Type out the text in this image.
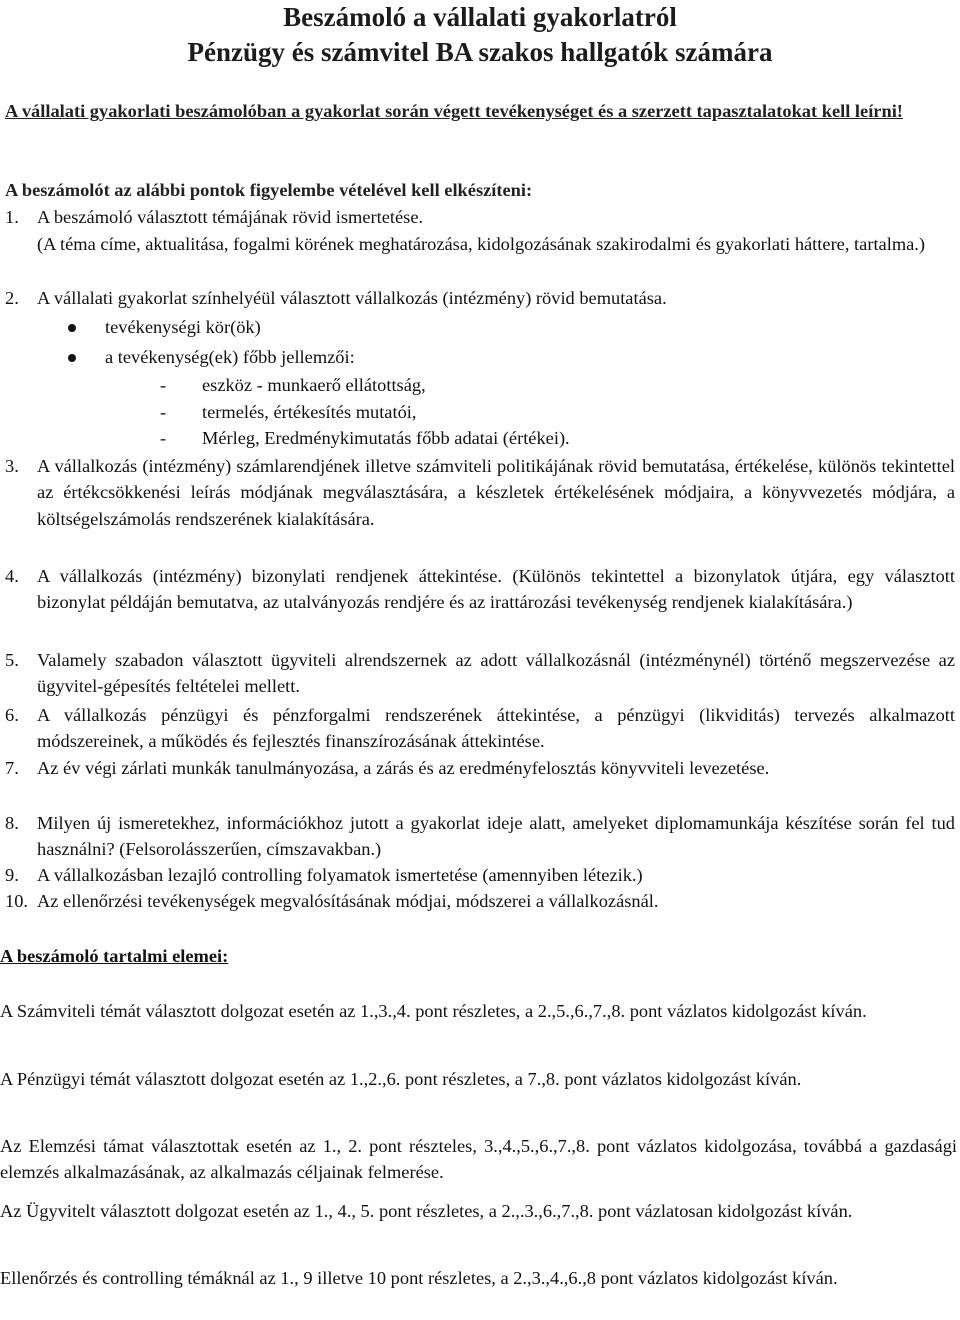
Beszámoló a vállalati gyakorlatról
Pénzügy és számvitel BA szakos hallgatók számára
A vállalati gyakorlati beszámolóban a gyakorlat során végett tevékenységet és a szerzett tapasztalatokat kell leírni!
A beszámolót az alábbi pontok figyelembe vételével kell elkészíteni:
1. A beszámoló választott témájának rövid ismertetése.
(A téma címe, aktualitása, fogalmi körének meghatározása, kidolgozásának szakirodalmi és gyakorlati háttere, tartalma.)
2. A vállalati gyakorlat színhelyéül választott vállalkozás (intézmény) rövid bemutatása.
tevékenységi kör(ök)
a tevékenység(ek) főbb jellemzői:
- eszköz - munkaerő ellátottság,
- termelés, értékesítés mutatói,
- Mérleg, Eredménykimutatás főbb adatai (értékei).
3. A vállalkozás (intézmény) számlarendjének illetve számviteli politikájának rövid bemutatása, értékelése, különös tekintettel az értékcsökkenési leírás módjának megválasztására, a készletek értékelésének módjaira, a könyvvezetés módjára, a költségelszámolás rendszerének kialakítására.
4. A vállalkozás (intézmény) bizonylati rendjenek áttekintése. (Különös tekintettel a bizonylatok útjára, egy választott bizonylat példáján bemutatva, az utalványozás rendjére és az irattározási tevékenység rendjenek kialakítására.)
5. Valamely szabadon választott ügyviteli alrendszernek az adott vállalkozásnál (intézménynél) történő megszervezése az ügyvitel-gépesítés feltételei mellett.
6. A vállalkozás pénzügyi és pénzforgalmi rendszerének áttekintése, a pénzügyi (likviditás) tervezés alkalmazott módszereinek, a működés és fejlesztés finanszírozásának áttekintése.
7. Az év végi zárlati munkák tanulmányozása, a zárás és az eredményfelosztás könyvviteli levezetése.
8. Milyen új ismeretekhez, információkhoz jutott a gyakorlat ideje alatt, amelyeket diplomamunkája készítése során fel tud használni? (Felsorolásszerűen, címszavakban.)
9. A vállalkozásban lezajló controlling folyamatok ismertetése (amennyiben létezik.)
10. Az ellenőrzési tevékenységek megvalósításának módjai, módszerei a vállalkozásnál.
A beszámoló tartalmi elemei:
A Számviteli témát választott dolgozat esetén az 1.,3.,4. pont részletes, a 2.,5.,6.,7.,8. pont vázlatos kidolgozást kíván.
A Pénzügyi témát választott dolgozat esetén az 1.,2.,6. pont részletes, a 7.,8. pont vázlatos kidolgozást kíván.
Az Elemzési támat választottak esetén az 1., 2. pont részteles, 3.,4.,5.,6.,7.,8. pont vázlatos kidolgozása, továbbá a gazdasági elemzés alkalmazásának, az alkalmazás céljainak felmerése.
Az Ügyvitelt választott dolgozat esetén az 1., 4., 5. pont részletes, a 2.,.3.,6.,7.,8. pont vázlatosan kidolgozást kíván.
Ellenőrzés és controlling témáknál az 1., 9 illetve 10 pont részletes, a 2.,3.,4.,6.,8 pont vázlatos kidolgozást kíván.
